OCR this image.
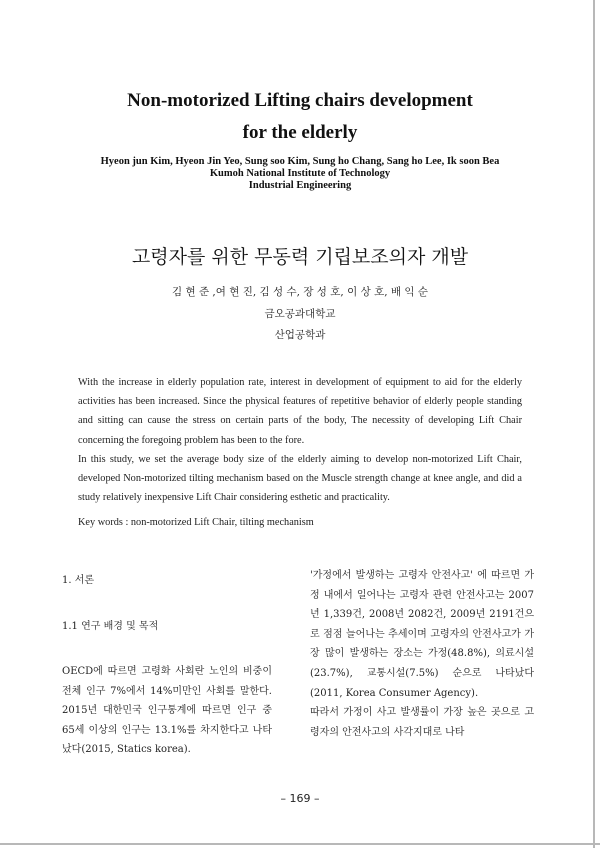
Non-motorized Lifting chairs development
for the elderly
Hyeon jun Kim, Hyeon Jin Yeo, Sung soo Kim, Sung ho Chang, Sang ho Lee, Ik soon Bea
Kumoh National Institute of Technology
Industrial Engineering
고령자를 위한 무동력 기립보조의자 개발
김 현 준 ,여 현 진, 김 성 수, 장 성 호, 이 상 호, 배 익 순
금오공과대학교
산업공학과

With the increase in elderly population rate, interest in development of equipment to aid for the elderly activities has been increased. Since the physical features of repetitive behavior of elderly people standing and sitting can cause the stress on certain parts of the body, The necessity of developing Lift Chair concerning the foregoing problem has been to the fore.

In this study, we set the average body size of the elderly aiming to develop non-motorized Lift Chair, developed Non-motorized tilting mechanism based on the Muscle strength change at knee angle, and did a study relatively inexpensive Lift Chair considering esthetic and practicality.

Key words : non-motorized Lift Chair, tilting mechanism
1. 서론
1.1 연구 배경 및 목적

OECD에 따르면 고령화 사회란 노인의 비중이 전체 인구 7%에서 14%미만인 사회를 말한다. 2015년 대한민국 인구통계에 따르면 인구 중 65세 이상의 인구는 13.1%를 차지한다고 나타났다(2015, Statics korea).

'가정에서 발생하는 고령자 안전사고' 에 따르면 가정 내에서 일어나는 고령자 관련 안전사고는 2007년 1,339건, 2008년 2082건, 2009년 2191건으로 점점 늘어나는 추세이며 고령자의 안전사고가 가장 많이 발생하는 장소는 가정(48.8%), 의료시설(23.7%), 교통시설(7.5%) 순으로 나타났다(2011, Korea Consumer Agency).

따라서 가정이 사고 발생률이 가장 높은 곳으로 고령자의 안전사고의 사각지대로 나타

– 169 –
